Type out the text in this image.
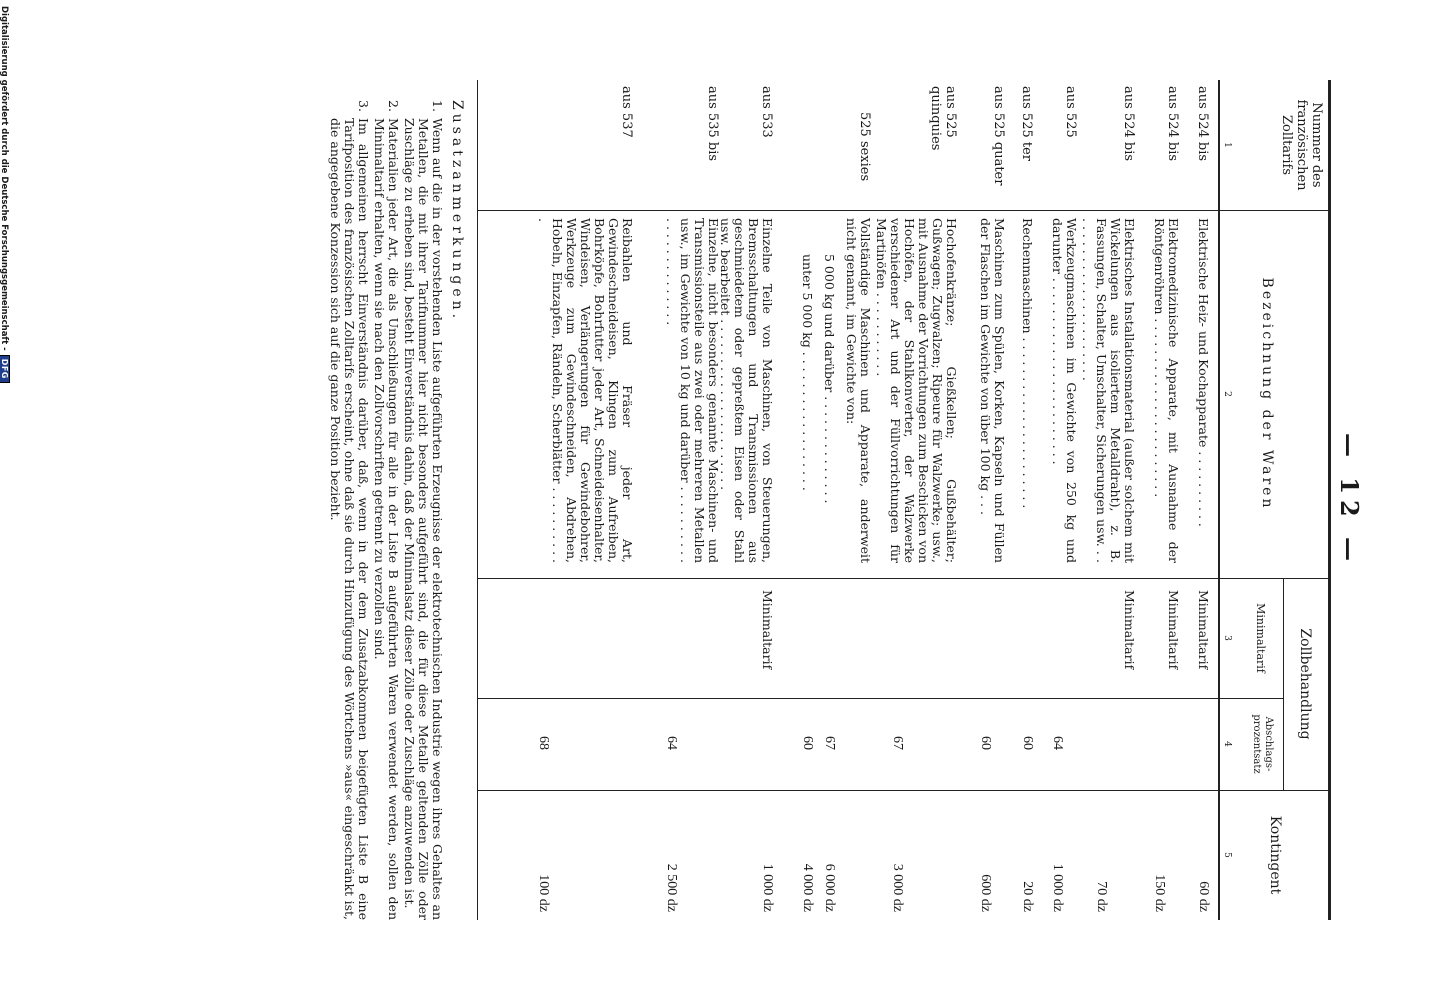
— 12 —
Nummer des französischen Zolltarifs
Bezeichnung der Waren
Zollbehandlung
Minimaltarif
Abschlags-prozentsatz
Kontingent
1
2
3
4
5
aus 524 bis
Elektrische Heiz- und Kochapparate . . . . . . . . . .
Minimaltarif
60 dz
aus 524 bis
Elektromedizinische Apparate, mit Ausnahme der Röntgenröhren . . . . . . . . . . . . . . . . . . . . . . .
Minimaltarif
150 dz
aus 524 bis
Elektrisches Installationsmaterial (außer solchem mit Wickelungen aus isoliertem Metalldraht), z. B. Fassungen, Schalter, Umschalter, Sicherungen usw. . . . . . . . . . . . . . . . . . . . . . . .
Minimaltarif
70 dz
aus 525
Werkzeugmaschinen im Gewichte von 250 kg und darunter . . . . . . . . . . . . . . . . . . . . . . . .
64
1 000 dz
aus 525 ter
Rechenmaschinen . . . . . . . . . . . . . . . . . . . . . .
60
20 dz
aus 525 quater
Maschinen zum Spülen, Korken, Kapseln und Füllen der Flaschen im Gewichte von über 100 kg . . .
60
600 dz
aus 525 quinquies
Hochofenkränze; Gießkellen; Gußbehälter; Gußwagen; Zugwalzen; Ripeure für Walzwerke; usw., mit Ausnahme der Vorrichtungen zum Beschicken von Hochöfen, der Stahlkonverter, der Walzwerke verschiedener Art und der Füllvorrichtungen für Martinöfen . . . . . . . . . . .
67
3 000 dz
525 sexies
Vollständige Maschinen und Apparate, anderweit nicht genannt, im Gewichte von:
5 000 kg und darüber . . . . . . . . . . . . . .
67
6 000 dz
unter 5 000 kg . . . . . . . . . . . . . . . . . .
60
4 000 dz
aus 533
Einzelne Teile von Maschinen, von Steuerungen, Bremsschaltungen und Transmissionen aus geschmiedetem oder gepreßtem Eisen oder Stahl usw. bearbeitet . . . . . . . . . . . . . . . . . . . . . .
Minimaltarif
1 000 dz
aus 535 bis
Einzelne, nicht besonders genannte Maschinen- und Transmissionsteile aus zwei oder mehreren Metallen usw., im Gewichte von 10 kg und darüber . . . . . . . . . . . . . . . . . . . . . . . .
64
2 500 dz
aus 537
Reibahlen und Fräser jeder Art, Gewindeschneideisen, Klingen zum Aufreiben, Bohrköpfe, Bohrfutter jeder Art, Schneideisenhalter, Windeisen, Verlängerungen für Gewindebohrer, Werkzeuge zum Gewindeschneiden, Abdrehen, Hobeln, Einzapfen, Rändeln, Scherblätter . . . . . . . . . . .
68
100 dz
Zusatzanmerkungen.
1.
Wenn auf die in der vorstehenden Liste aufgeführten Erzeugnisse der elektrotechnischen Industrie wegen ihres Gehaltes an Metallen, die mit ihrer Tarifnummer hier nicht besonders aufgeführt sind, die für diese Metalle geltenden Zölle oder Zuschläge zu erheben sind, besteht Einverständnis dahin, daß der Minimalsatz dieser Zölle oder Zuschläge anzuwenden ist.
2.
Materialien jeder Art, die als Umschließungen für alle in der Liste B aufgeführten Waren verwendet werden, sollen den Minimaltarif erhalten, wenn sie nach den Zollvorschriften getrennt zu verzollen sind.
3.
Im allgemeinen herrscht Einverständnis darüber, daß, wenn in der dem Zusatzabkommen beigefügten Liste B eine Tarifposition des französischen Zolltarifs erscheint, ohne daß sie durch Hinzufügung des Wörtchens »aus« eingeschränkt ist, die angegebene Konzession sich auf die ganze Position bezieht.
Digitalisierung gefördert durch die Deutsche Forschungsgemeinschaft -
DFG
